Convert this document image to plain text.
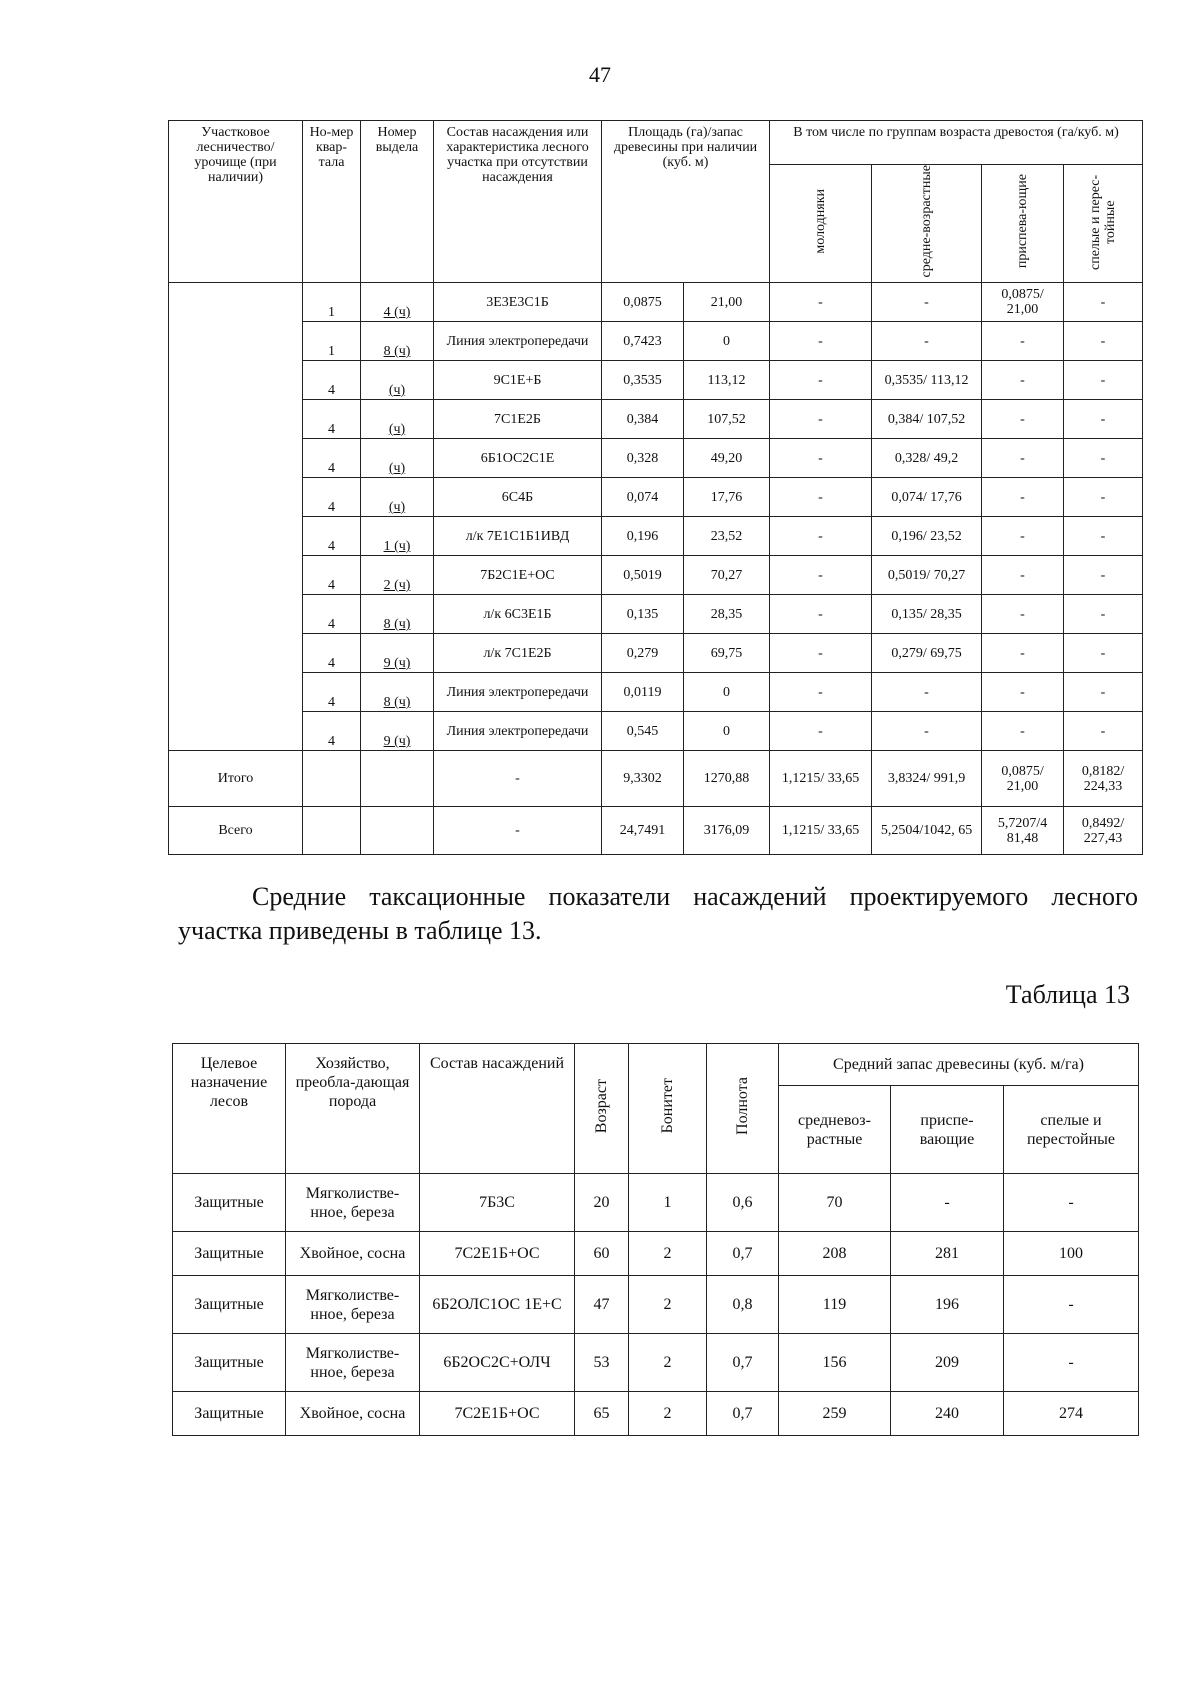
47
Участковое лесничество/ урочище (при наличии)	Но-мер квар-тала	Номер выдела	Состав насаждения или характеристика лесного участка при отсутствии насаждения	Площадь (га)/запас древесины при наличии (куб. м)		В том числе по группам возраста древостоя (га/куб. м)			
						молодняки	средне-возрастные	приспева-ющие	спелые и перес-тойные
	1	4 (ч)	3Е3Е3С1Б	0,0875	21,00	-	-	0,0875/ 21,00	-
	1	8 (ч)	Линия электропередачи	0,7423	0	-	-	-	-
	4	(ч)	9С1Е+Б	0,3535	113,12	-	0,3535/ 113,12	-	-
	4	(ч)	7С1Е2Б	0,384	107,52	-	0,384/ 107,52	-	-
	4	(ч)	6Б1ОС2С1Е	0,328	49,20	-	0,328/ 49,2	-	-
	4	(ч)	6С4Б	0,074	17,76	-	0,074/ 17,76	-	-
	4	1 (ч)	л/к 7Е1С1Б1ИВД	0,196	23,52	-	0,196/ 23,52	-	-
	4	2 (ч)	7Б2С1Е+ОС	0,5019	70,27	-	0,5019/ 70,27	-	-
	4	8 (ч)	л/к 6С3Е1Б	0,135	28,35	-	0,135/ 28,35	-	-
	4	9 (ч)	л/к 7С1Е2Б	0,279	69,75	-	0,279/ 69,75	-	-
	4	8 (ч)	Линия электропередачи	0,0119	0	-	-	-	-
	4	9 (ч)	Линия электропередачи	0,545	0	-	-	-	-
Итого			-	9,3302	1270,88	1,1215/ 33,65	3,8324/ 991,9	0,0875/ 21,00	0,8182/ 224,33
Всего			-	24,7491	3176,09	1,1215/ 33,65	5,2504/1042, 65	5,7207/4 81,48	0,8492/ 227,43
Средние таксационные показатели насаждений проектируемого лесного участка приведены в таблице 13.
Таблица 13
Целевое назначение лесов	Хозяйство, преобла-дающая порода	Состав насаждений	Возраст	Бонитет	Полнота	Средний запас древесины (куб. м/га)		
						средневоз-растные	приспе-вающие	спелые и перестойные
Защитные	Мягколистве-нное, береза	7Б3С	20	1	0,6	70	-	-
Защитные	Хвойное, сосна	7С2Е1Б+ОС	60	2	0,7	208	281	100
Защитные	Мягколистве-нное, береза	6Б2ОЛС1ОС 1Е+С	47	2	0,8	119	196	-
Защитные	Мягколистве-нное, береза	6Б2ОС2С+ОЛЧ	53	2	0,7	156	209	-
Защитные	Хвойное, сосна	7С2Е1Б+ОС	65	2	0,7	259	240	274
